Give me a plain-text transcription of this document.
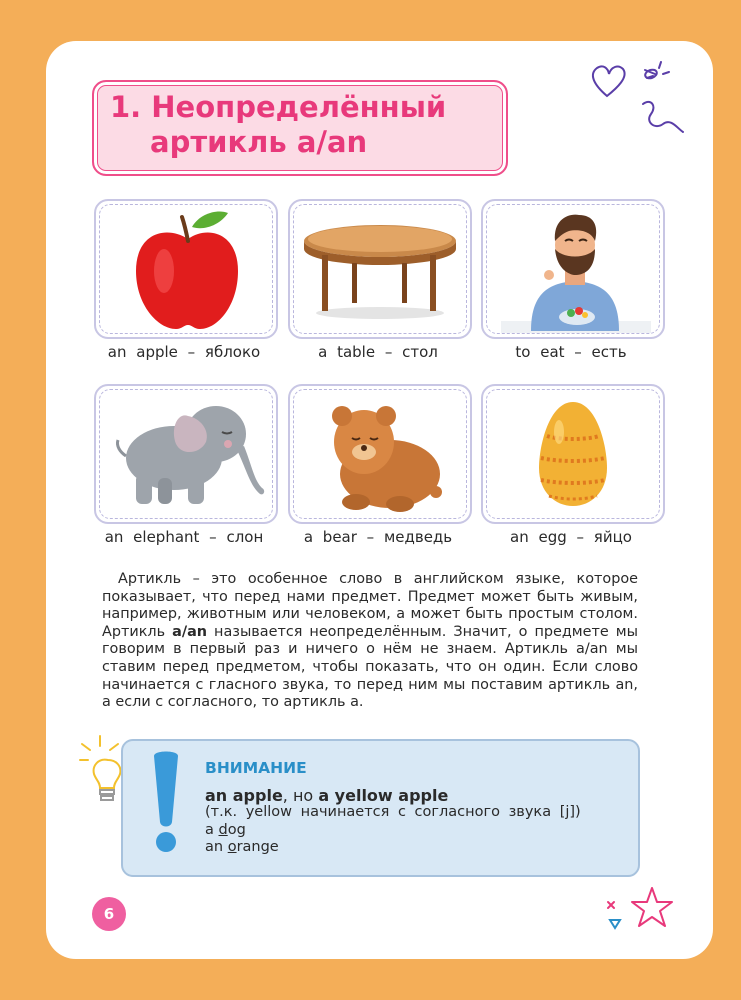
1. Неопределённый
артикль a/an
an apple – яблоко	a table – стол	to eat – есть
an elephant – слон	a bear – медведь	an egg – яйцо

Артикль – это особенное слово в английском языке, которое показывает, что перед нами предмет. Предмет может быть живым, например, животным или человеком, а может быть простым столом. Артикль a/an называется неопределённым. Значит, о предмете мы говорим в первый раз и ничего о нём не знаем. Артикль a/an мы ставим перед предметом, чтобы показать, что он один. Если слово начинается с гласного звука, то перед ним мы поставим артикль an, а если с согласного, то артикль a.

ВНИМАНИЕ
an apple, но a yellow apple
(т.к. yellow начинается с согласного звука [j])
a dog
an orange
6
